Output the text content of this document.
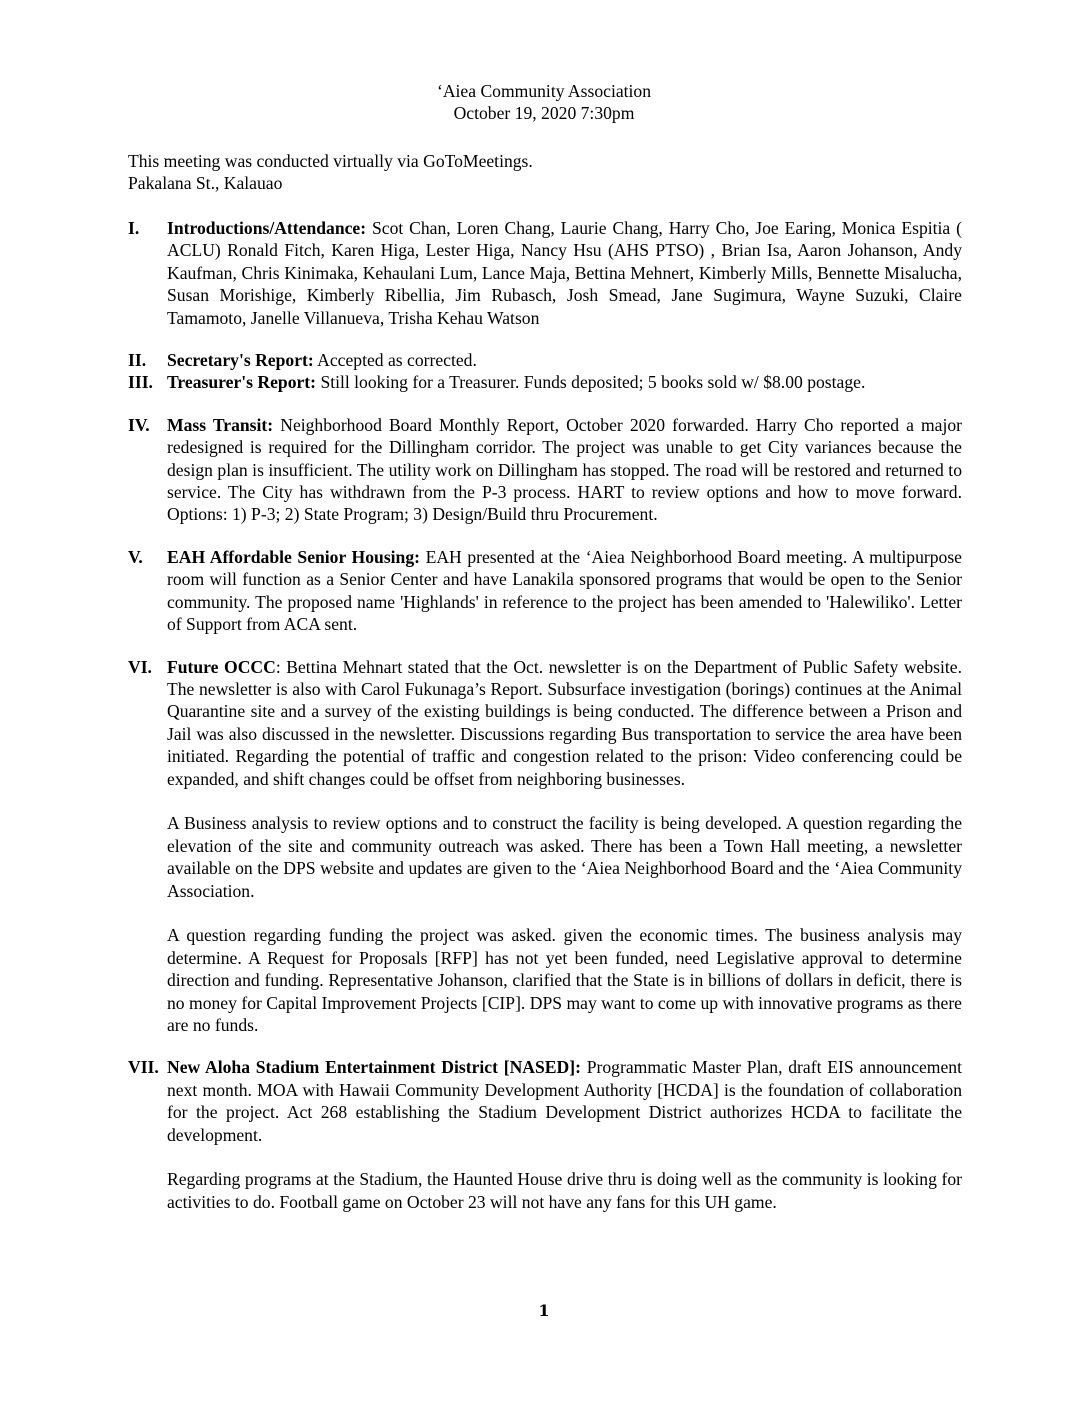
‘Aiea Community Association
October 19, 2020 7:30pm
This meeting was conducted virtually via GoToMeetings.
Pakalana St., Kalauao
I. Introductions/Attendance: Scot Chan, Loren Chang, Laurie Chang, Harry Cho, Joe Earing, Monica Espitia ( ACLU) Ronald Fitch, Karen Higa, Lester Higa, Nancy Hsu (AHS PTSO) , Brian Isa, Aaron Johanson, Andy Kaufman, Chris Kinimaka, Kehaulani Lum, Lance Maja, Bettina Mehnert, Kimberly Mills, Bennette Misalucha, Susan Morishige, Kimberly Ribellia, Jim Rubasch, Josh Smead, Jane Sugimura, Wayne Suzuki, Claire Tamamoto, Janelle Villanueva, Trisha Kehau Watson

II. Secretary's Report: Accepted as corrected.

III. Treasurer's Report: Still looking for a Treasurer. Funds deposited; 5 books sold w/ $8.00 postage.

IV. Mass Transit: Neighborhood Board Monthly Report, October 2020 forwarded. Harry Cho reported a major redesigned is required for the Dillingham corridor. The project was unable to get City variances because the design plan is insufficient. The utility work on Dillingham has stopped. The road will be restored and returned to service. The City has withdrawn from the P-3 process. HART to review options and how to move forward. Options: 1) P-3; 2) State Program; 3) Design/Build thru Procurement.

V. EAH Affordable Senior Housing: EAH presented at the ‘Aiea Neighborhood Board meeting. A multipurpose room will function as a Senior Center and have Lanakila sponsored programs that would be open to the Senior community. The proposed name 'Highlands' in reference to the project has been amended to 'Halewiliko'. Letter of Support from ACA sent.

VI. Future OCCC: Bettina Mehnart stated that the Oct. newsletter is on the Department of Public Safety website. The newsletter is also with Carol Fukunaga’s Report. Subsurface investigation (borings) continues at the Animal Quarantine site and a survey of the existing buildings is being conducted. The difference between a Prison and Jail was also discussed in the newsletter. Discussions regarding Bus transportation to service the area have been initiated. Regarding the potential of traffic and congestion related to the prison: Video conferencing could be expanded, and shift changes could be offset from neighboring businesses.

A Business analysis to review options and to construct the facility is being developed. A question regarding the elevation of the site and community outreach was asked. There has been a Town Hall meeting, a newsletter available on the DPS website and updates are given to the ‘Aiea Neighborhood Board and the ‘Aiea Community Association.

A question regarding funding the project was asked. given the economic times. The business analysis may determine. A Request for Proposals [RFP] has not yet been funded, need Legislative approval to determine direction and funding. Representative Johanson, clarified that the State is in billions of dollars in deficit, there is no money for Capital Improvement Projects [CIP]. DPS may want to come up with innovative programs as there are no funds.

VII. New Aloha Stadium Entertainment District [NASED]: Programmatic Master Plan, draft EIS announcement next month. MOA with Hawaii Community Development Authority [HCDA] is the foundation of collaboration for the project. Act 268 establishing the Stadium Development District authorizes HCDA to facilitate the development.

Regarding programs at the Stadium, the Haunted House drive thru is doing well as the community is looking for activities to do. Football game on October 23 will not have any fans for this UH game.

1
